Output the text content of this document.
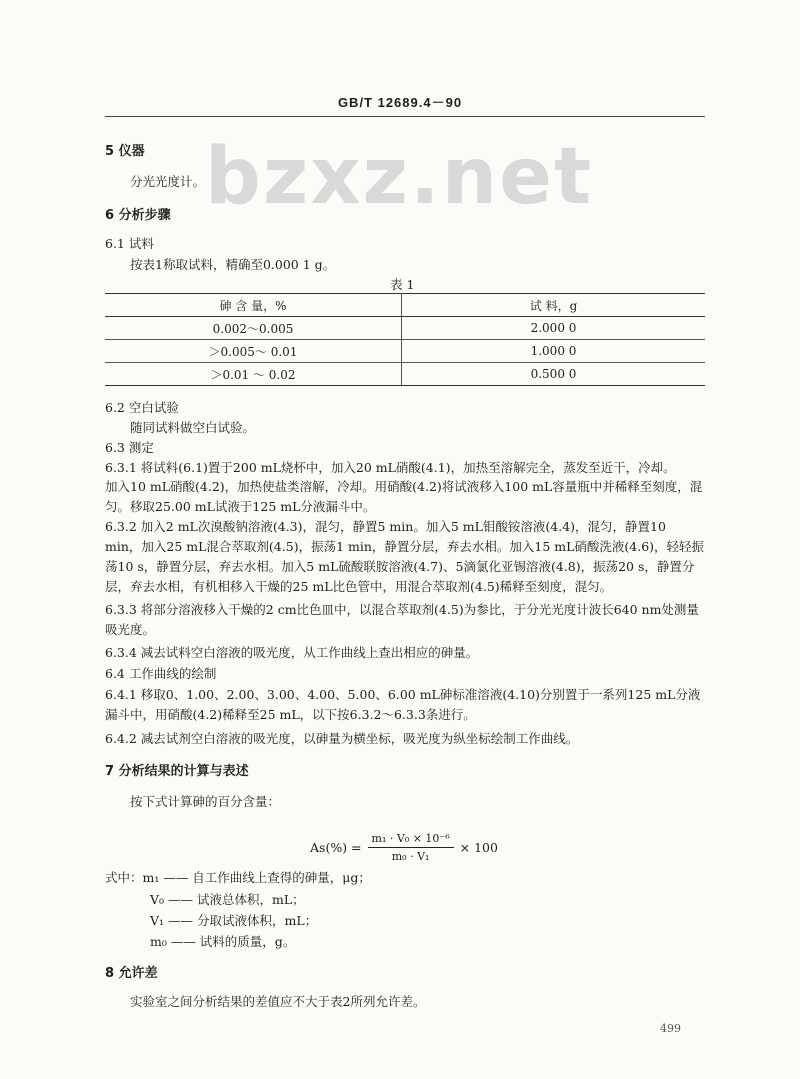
GB/T 12689.4－90
bzxz.net
5 仪器
分光光度计。
6 分析步骤
6.1 试料
按表1称取试料，精确至0.000 1 g。
表 1
砷 含 量，%	试 料，g
0.002～0.005	2.000 0
＞0.005～ 0.01	1.000 0
＞0.01 ～ 0.02	0.500 0
6.2 空白试验
随同试料做空白试验。
6.3 测定
6.3.1 将试料(6.1)置于200 mL烧杯中，加入20 mL硝酸(4.1)，加热至溶解完全，蒸发至近干，冷却。
加入10 mL硝酸(4.2)，加热使盐类溶解，冷却。用硝酸(4.2)将试液移入100 mL容量瓶中并稀释至刻度，混匀。移取25.00 mL试液于125 mL分液漏斗中。
6.3.2 加入2 mL次溴酸钠溶液(4.3)，混匀，静置5 min。加入5 mL钼酸铵溶液(4.4)，混匀，静置10 min，加入25 mL混合萃取剂(4.5)，振荡1 min，静置分层，弃去水相。加入15 mL硝酸洗液(4.6)，轻轻振荡10 s，静置分层，弃去水相。加入5 mL硫酸联胺溶液(4.7)、5滴氯化亚锡溶液(4.8)，振荡20 s，静置分层，弃去水相，有机相移入干燥的25 mL比色管中，用混合萃取剂(4.5)稀释至刻度，混匀。
6.3.3 将部分溶液移入干燥的2 cm比色皿中，以混合萃取剂(4.5)为参比，于分光光度计波长640 nm处测量吸光度。
6.3.4 减去试料空白溶液的吸光度，从工作曲线上查出相应的砷量。
6.4 工作曲线的绘制
6.4.1 移取0、1.00、2.00、3.00、4.00、5.00、6.00 mL砷标准溶液(4.10)分别置于一系列125 mL分液漏斗中，用硝酸(4.2)稀释至25 mL，以下按6.3.2～6.3.3条进行。
6.4.2 减去试剂空白溶液的吸光度，以砷量为横坐标，吸光度为纵坐标绘制工作曲线。
7 分析结果的计算与表述
按下式计算砷的百分含量：
$As(\%) = \frac{\text{m₁ · V₀ × 10⁻⁶}}{\text{m₀ · V₁}} \times 100$
式中：m₁ —— 自工作曲线上查得的砷量，μg；
V₀ —— 试液总体积，mL；
V₁ —— 分取试液体积，mL；
m₀ —— 试料的质量，g。
8 允许差
实验室之间分析结果的差值应不大于表2所列允许差。
499
